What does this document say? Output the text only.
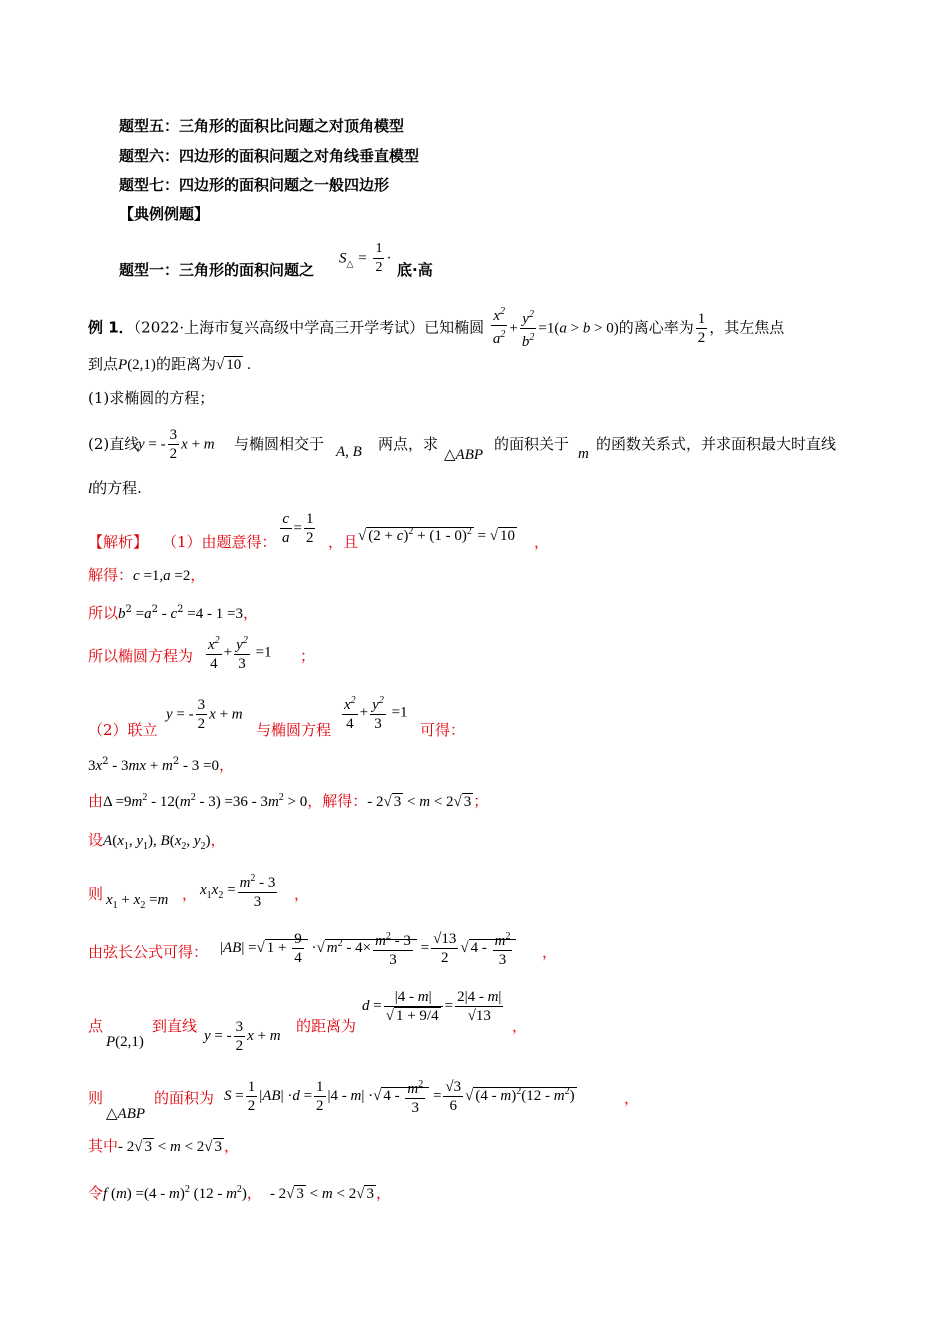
题型五：三角形的面积比问题之对顶角模型
题型六：四边形的面积问题之对角线垂直模型
题型七：四边形的面积问题之一般四边形
【典例例题】
题型一：三角形的面积问题之
$S_\triangle = \frac{1}{2}$ ·
底·高
例 1．（2022·上海市复兴高级中学高三开学考试）已知椭圆 $\frac{x^2}{a^2} + \frac{y^2}{b^2} =1(a > b > 0)$的离心率为 $\frac{1}{2}$ ，其左焦点
到点P(2,1)的距离为√ 10 .
(1)求椭圆的方程；
(2)直线
y = - $\frac{3}{2}$ x + m 与椭圆相交于 A, B 两点，求
△ABP
的面积关于
m
的函数关系式，并求面积最大时直线
l的方程.
【解析】 （1）由题意得： $\frac{c}{a} = \frac{1}{2}$ ，且 √ $(2 + c)^2 + (1 - 0)^2$ = √ 10 ，
解得：c =1,a =2，
所以$b^2 =a^2 - c^2 =4 - 1 =3$，
所以椭圆方程为 $\frac{x^2}{4} + \frac{y^2}{3} =1$ ；
（2）联立
y = - $\frac{3}{2}$ x + m
与椭圆方程 $\frac{x^2}{4} + \frac{y^2}{3} =1$
可得：
$3x^2 - 3mx + m^2 - 3 =0$，
由$\Delta =9m^2 - 12(m^2 - 3) =36 - 3m^2 > 0$，解得：- 2√ 3 < m < 2√ 3 ；
设$A(x_1$, $y_1$), $B(x_2$, $y_2$)，
则 $x_1 + x_2 =m$ ， $x_1x_2 = \frac{m^2 - 3}{3}$ ，
由弦长公式可得： |AB| =√ $1 + \frac{9}{4}$ ·√ $m^2 - 4\times \frac{m^2 - 3}{3} = \frac{√13}{2}$ √ $4 - \frac{m^2}{3}$ ，
点
P(2,1)
到直线
y = - $\frac{3}{2}$ x + m
的距离为
$d = \frac{|4 - m|}{√ 1 + 9/4} = \frac{2|4 - m|}{√13}$
，
则
△ABP
的面积为 $S = \frac{1}{2} |AB| \cdot d = \frac{1}{2} |4 - m|$ ·√ $4 - \frac{m^2}{3} = \frac{√3}{6}$ √ $(4 - m)^2(12 - m^2)$	，
其中- 2√ 3 < m < 2√ 3 ，
令f (m) =(4 - m)$^2$ $(12 - m^2)$， - 2√ 3 < m < 2√ 3 ，
